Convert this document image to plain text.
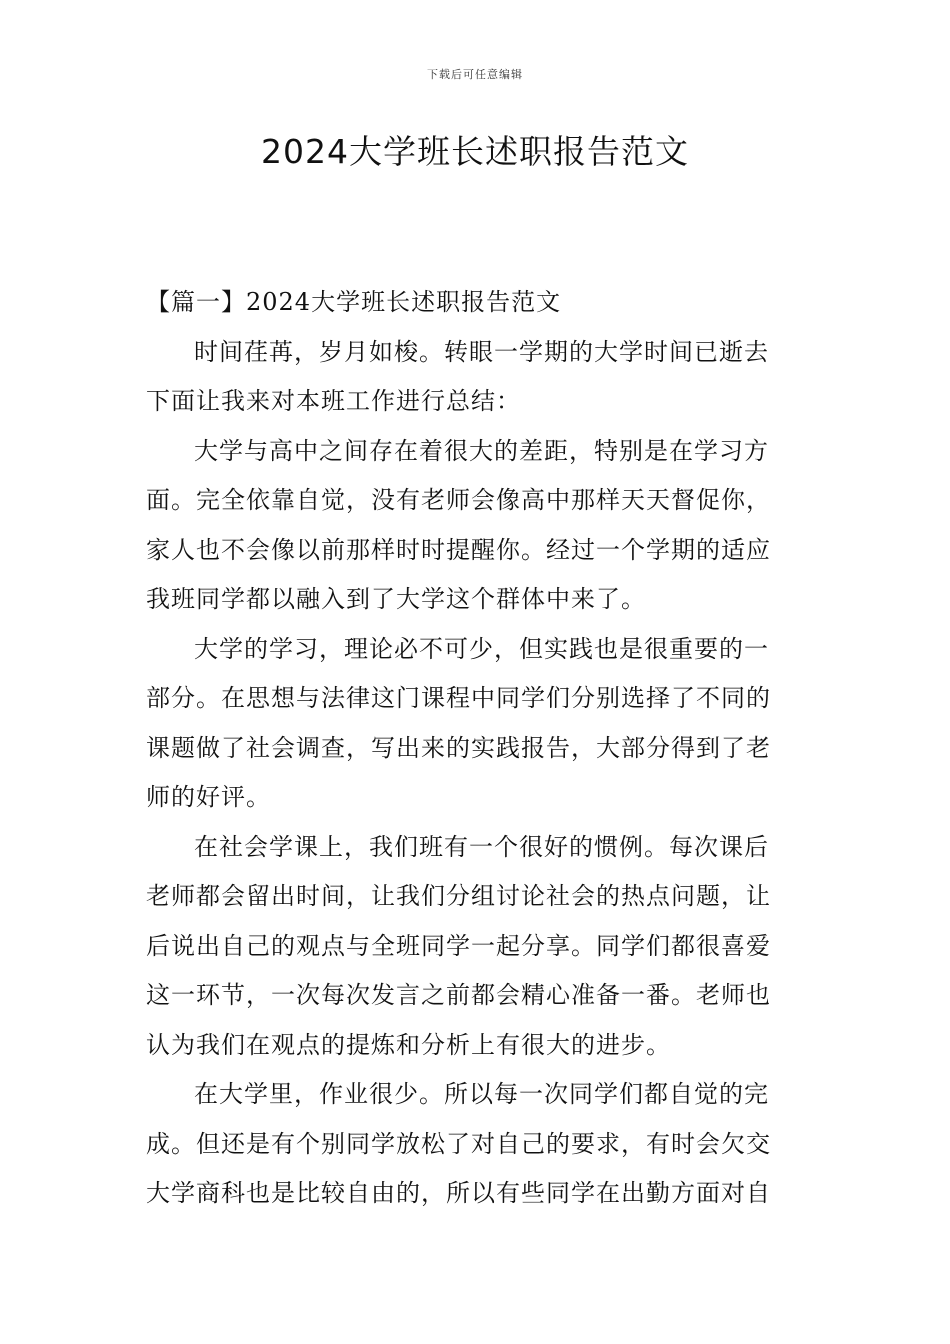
下载后可任意编辑
2024大学班长述职报告范文

【篇一】2024大学班长述职报告范文

时间荏苒，岁月如梭。转眼一学期的大学时间已逝去
下面让我来对本班工作进行总结：
大学与高中之间存在着很大的差距，特别是在学习方
面。完全依靠自觉，没有老师会像高中那样天天督促你，
家人也不会像以前那样时时提醒你。经过一个学期的适应
我班同学都以融入到了大学这个群体中来了。
大学的学习，理论必不可少，但实践也是很重要的一
部分。在思想与法律这门课程中同学们分别选择了不同的
课题做了社会调查，写出来的实践报告，大部分得到了老
师的好评。
在社会学课上，我们班有一个很好的惯例。每次课后
老师都会留出时间，让我们分组讨论社会的热点问题，让
后说出自己的观点与全班同学一起分享。同学们都很喜爱
这一环节，一次每次发言之前都会精心准备一番。老师也
认为我们在观点的提炼和分析上有很大的进步。
在大学里，作业很少。所以每一次同学们都自觉的完
成。但还是有个别同学放松了对自己的要求，有时会欠交
大学商科也是比较自由的，所以有些同学在出勤方面对自
